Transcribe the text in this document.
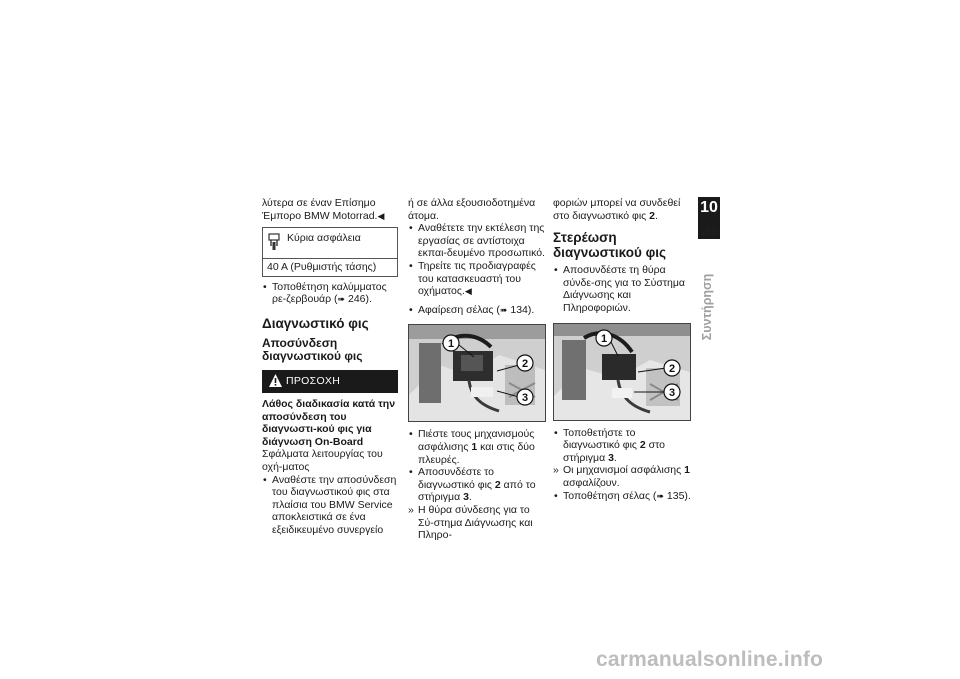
λύτερα σε έναν Επίσημο Έμπορο BMW Motorrad.◀

Κύρια ασφάλεια
40 A (Ρυθμιστής τάσης)

• Τοποθέτηση καλύμματος ρε-ζερβουάρ (➠ 246).

Διαγνωστικό φις
Αποσύνδεση διαγνωστικού φις
ΠΡΟΣΟΧΗ

Λάθος διαδικασία κατά την αποσύνδεση του διαγνωστι-κού φις για διάγνωση On-Board

Σφάλματα λειτουργίας του οχή-ματος

• Αναθέστε την αποσύνδεση του διαγνωστικού φις στα πλαίσια του BMW Service αποκλειστικά σε ένα εξειδικευμένο συνεργείο

ή σε άλλα εξουσιοδοτημένα άτομα.

• Αναθέτετε την εκτέλεση της εργασίας σε αντίστοιχα εκπαι-δευμένο προσωπικό.

• Τηρείτε τις προδιαγραφές του κατασκευαστή του οχήματος.◀

• Αφαίρεση σέλας (➠ 134).

1
2
3

• Πιέστε τους μηχανισμούς ασφάλισης 1 και στις δύο πλευρές.

• Αποσυνδέστε το διαγνωστικό φις 2 από το στήριγμα 3.

» Η θύρα σύνδεσης για το Σύ-στημα Διάγνωσης και Πληρο-

φοριών μπορεί να συνδεθεί στο διαγνωστικό φις 2.

Στερέωση διαγνωστικού φις

• Αποσυνδέστε τη θύρα σύνδε-σης για το Σύστημα Διάγνωσης και Πληροφοριών.

1
2
3

• Τοποθετήστε το διαγνωστικό φις 2 στο στήριγμα 3.

» Οι μηχανισμοί ασφάλισης 1 ασφαλίζουν.

• Τοποθέτηση σέλας (➠ 135).

10
253
Συντήρηση
carmanualsonline.info
